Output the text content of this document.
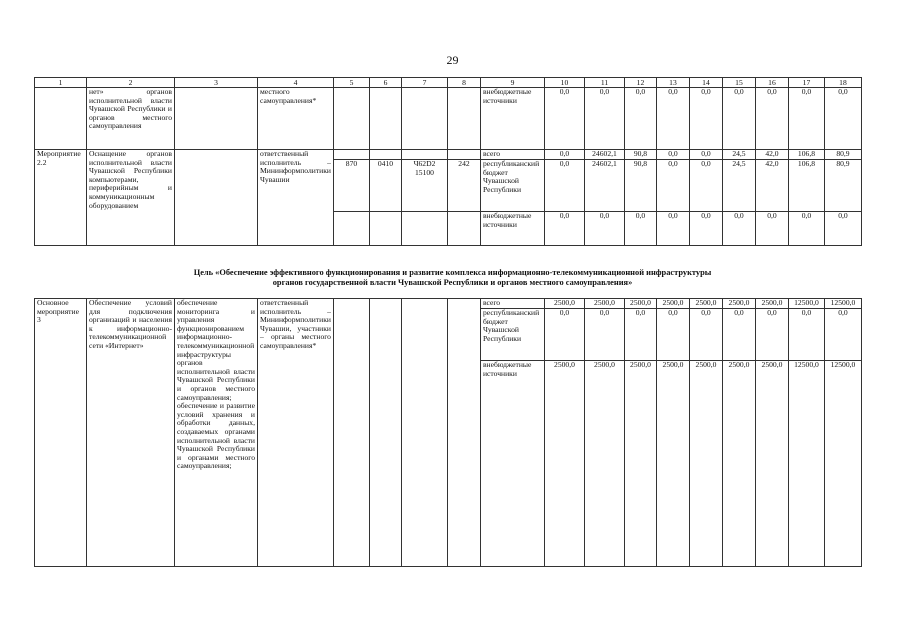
29
1	2	3	4	5	6	7	8	9	10	11	12	13	14	15	16	17	18
	нет» органов исполнительной власти Чувашской Республики и органов местного самоуправления		местного самоуправления*					внебюджетные источники	0,0	0,0	0,0	0,0	0,0	0,0	0,0	0,0	0,0
Мероприятие 2.2	Оснащение органов исполнительной власти Чувашской Республики компьютерами, периферийным и коммуникационным оборудованием		ответственный исполнитель – Мининформполитики Чувашии					всего	0,0	24602,1	90,8	0,0	0,0	24,5	42,0	106,8	80,9
				870	0410	Ч62D2 15100	242	республиканский бюджет Чувашской Республики	0,0	24602,1	90,8	0,0	0,0	24,5	42,0	106,8	80,9
								внебюджетные источники	0,0	0,0	0,0	0,0	0,0	0,0	0,0	0,0	0,0
Цель «Обеспечение эффективного функционирования и развитие комплекса информационно-телекоммуникационной инфраструктуры
органов государственной власти Чувашской Республики и органов местного самоуправления»
Основное мероприятие 3	Обеспечение условий для подключения организаций и населения к информационно-телекоммуникационной сети «Интернет»	обеспечение мониторинга и управления функционированием информационно-телекоммуникационной инфраструктуры органов исполнительной власти Чувашской Республики и органов местного самоуправления; обеспечение и развитие условий хранения и обработки данных, создаваемых органами исполнительной власти Чувашской Республики и органами местного самоуправления;	ответственный исполнитель – Мининформполитики Чувашии, участники – органы местного самоуправления*					всего	2500,0	2500,0	2500,0	2500,0	2500,0	2500,0	2500,0	12500,0	12500,0
								республиканский бюджет Чувашской Республики	0,0	0,0	0,0	0,0	0,0	0,0	0,0	0,0	0,0
								внебюджетные источники	2500,0	2500,0	2500,0	2500,0	2500,0	2500,0	2500,0	12500,0	12500,0
